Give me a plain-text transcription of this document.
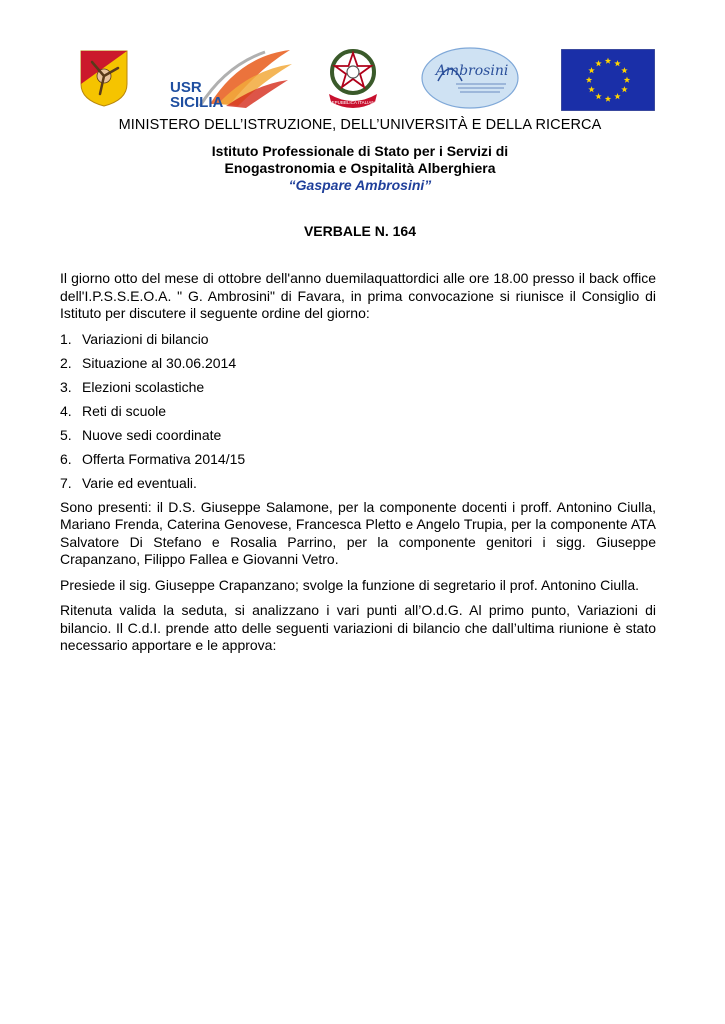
USR
SICILIA	REPUBBLICA ITALIANA
Ambrosini
MINISTERO DELL’ISTRUZIONE, DELL’UNIVERSITÀ E DELLA RICERCA
Istituto Professionale di Stato per i Servizi di
Enogastronomia e Ospitalità Alberghiera
“Gaspare Ambrosini”
VERBALE N. 164

Il giorno otto del mese di ottobre dell'anno duemilaquattordici alle ore 18.00 presso il back office dell'I.P.S.S.E.O.A. " G. Ambrosini" di Favara, in prima convocazione si riunisce il Consiglio di Istituto per discutere il seguente ordine del giorno:

1. Variazioni di bilancio
2. Situazione al 30.06.2014
3. Elezioni scolastiche
4. Reti di scuole
5. Nuove sedi coordinate
6. Offerta Formativa 2014/15
7. Varie ed eventuali.

Sono presenti: il D.S. Giuseppe Salamone, per la componente docenti i proff. Antonino Ciulla, Mariano Frenda, Caterina Genovese, Francesca Pletto e Angelo Trupia, per la componente ATA Salvatore Di Stefano e Rosalia Parrino, per la componente genitori i sigg. Giuseppe Crapanzano, Filippo Fallea e Giovanni Vetro.

Presiede il sig. Giuseppe Crapanzano; svolge la funzione di segretario il prof. Antonino Ciulla.

Ritenuta valida la seduta, si analizzano i vari punti all’O.d.G. Al primo punto, Variazioni di bilancio. Il C.d.I. prende atto delle seguenti variazioni di bilancio che dall’ultima riunione è stato necessario apportare e le approva:
